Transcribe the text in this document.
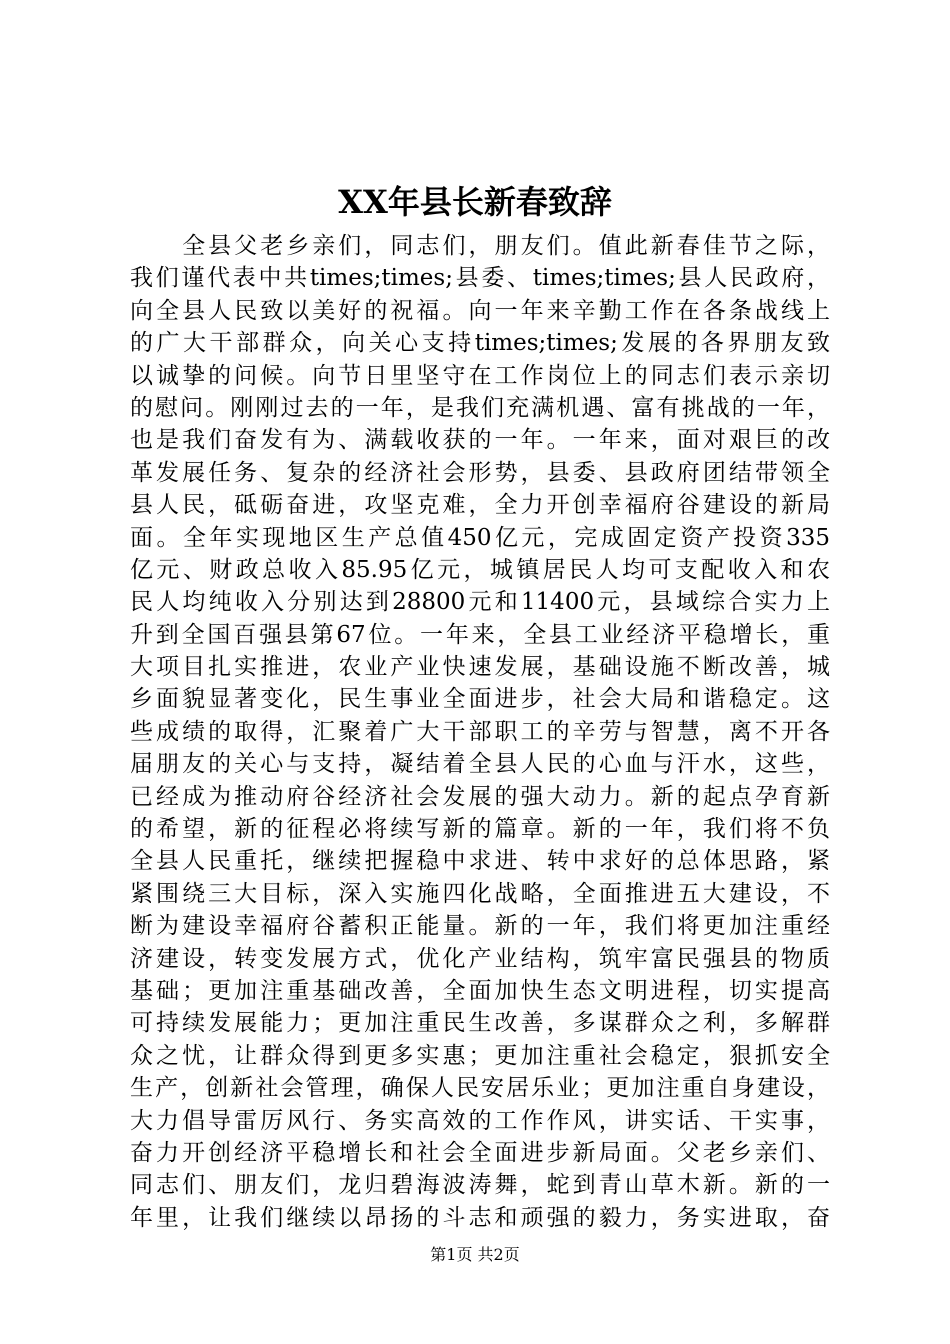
XX年县长新春致辞
　　全县父老乡亲们，同志们，朋友们。值此新春佳节之际，
我们谨代表中共times;times;县委、times;times;县人民政府，
向全县人民致以美好的祝福。向一年来辛勤工作在各条战线上
的广大干部群众，向关心支持times;times;发展的各界朋友致
以诚挚的问候。向节日里坚守在工作岗位上的同志们表示亲切
的慰问。刚刚过去的一年，是我们充满机遇、富有挑战的一年，
也是我们奋发有为、满载收获的一年。一年来，面对艰巨的改
革发展任务、复杂的经济社会形势，县委、县政府团结带领全
县人民，砥砺奋进，攻坚克难，全力开创幸福府谷建设的新局
面。全年实现地区生产总值450亿元，完成固定资产投资335
亿元、财政总收入85.95亿元，城镇居民人均可支配收入和农
民人均纯收入分别达到28800元和11400元，县域综合实力上
升到全国百强县第67位。一年来，全县工业经济平稳增长，重
大项目扎实推进，农业产业快速发展，基础设施不断改善，城
乡面貌显著变化，民生事业全面进步，社会大局和谐稳定。这
些成绩的取得，汇聚着广大干部职工的辛劳与智慧，离不开各
届朋友的关心与支持，凝结着全县人民的心血与汗水，这些，
已经成为推动府谷经济社会发展的强大动力。新的起点孕育新
的希望，新的征程必将续写新的篇章。新的一年，我们将不负
全县人民重托，继续把握稳中求进、转中求好的总体思路，紧
紧围绕三大目标，深入实施四化战略，全面推进五大建设，不
断为建设幸福府谷蓄积正能量。新的一年，我们将更加注重经
济建设，转变发展方式，优化产业结构，筑牢富民强县的物质
基础；更加注重基础改善，全面加快生态文明进程，切实提高
可持续发展能力；更加注重民生改善，多谋群众之利，多解群
众之忧，让群众得到更多实惠；更加注重社会稳定，狠抓安全
生产，创新社会管理，确保人民安居乐业；更加注重自身建设，
大力倡导雷厉风行、务实高效的工作作风，讲实话、干实事，
奋力开创经济平稳增长和社会全面进步新局面。父老乡亲们、
同志们、朋友们，龙归碧海波涛舞，蛇到青山草木新。新的一
年里，让我们继续以昂扬的斗志和顽强的毅力，务实进取，奋
第1页 共2页
